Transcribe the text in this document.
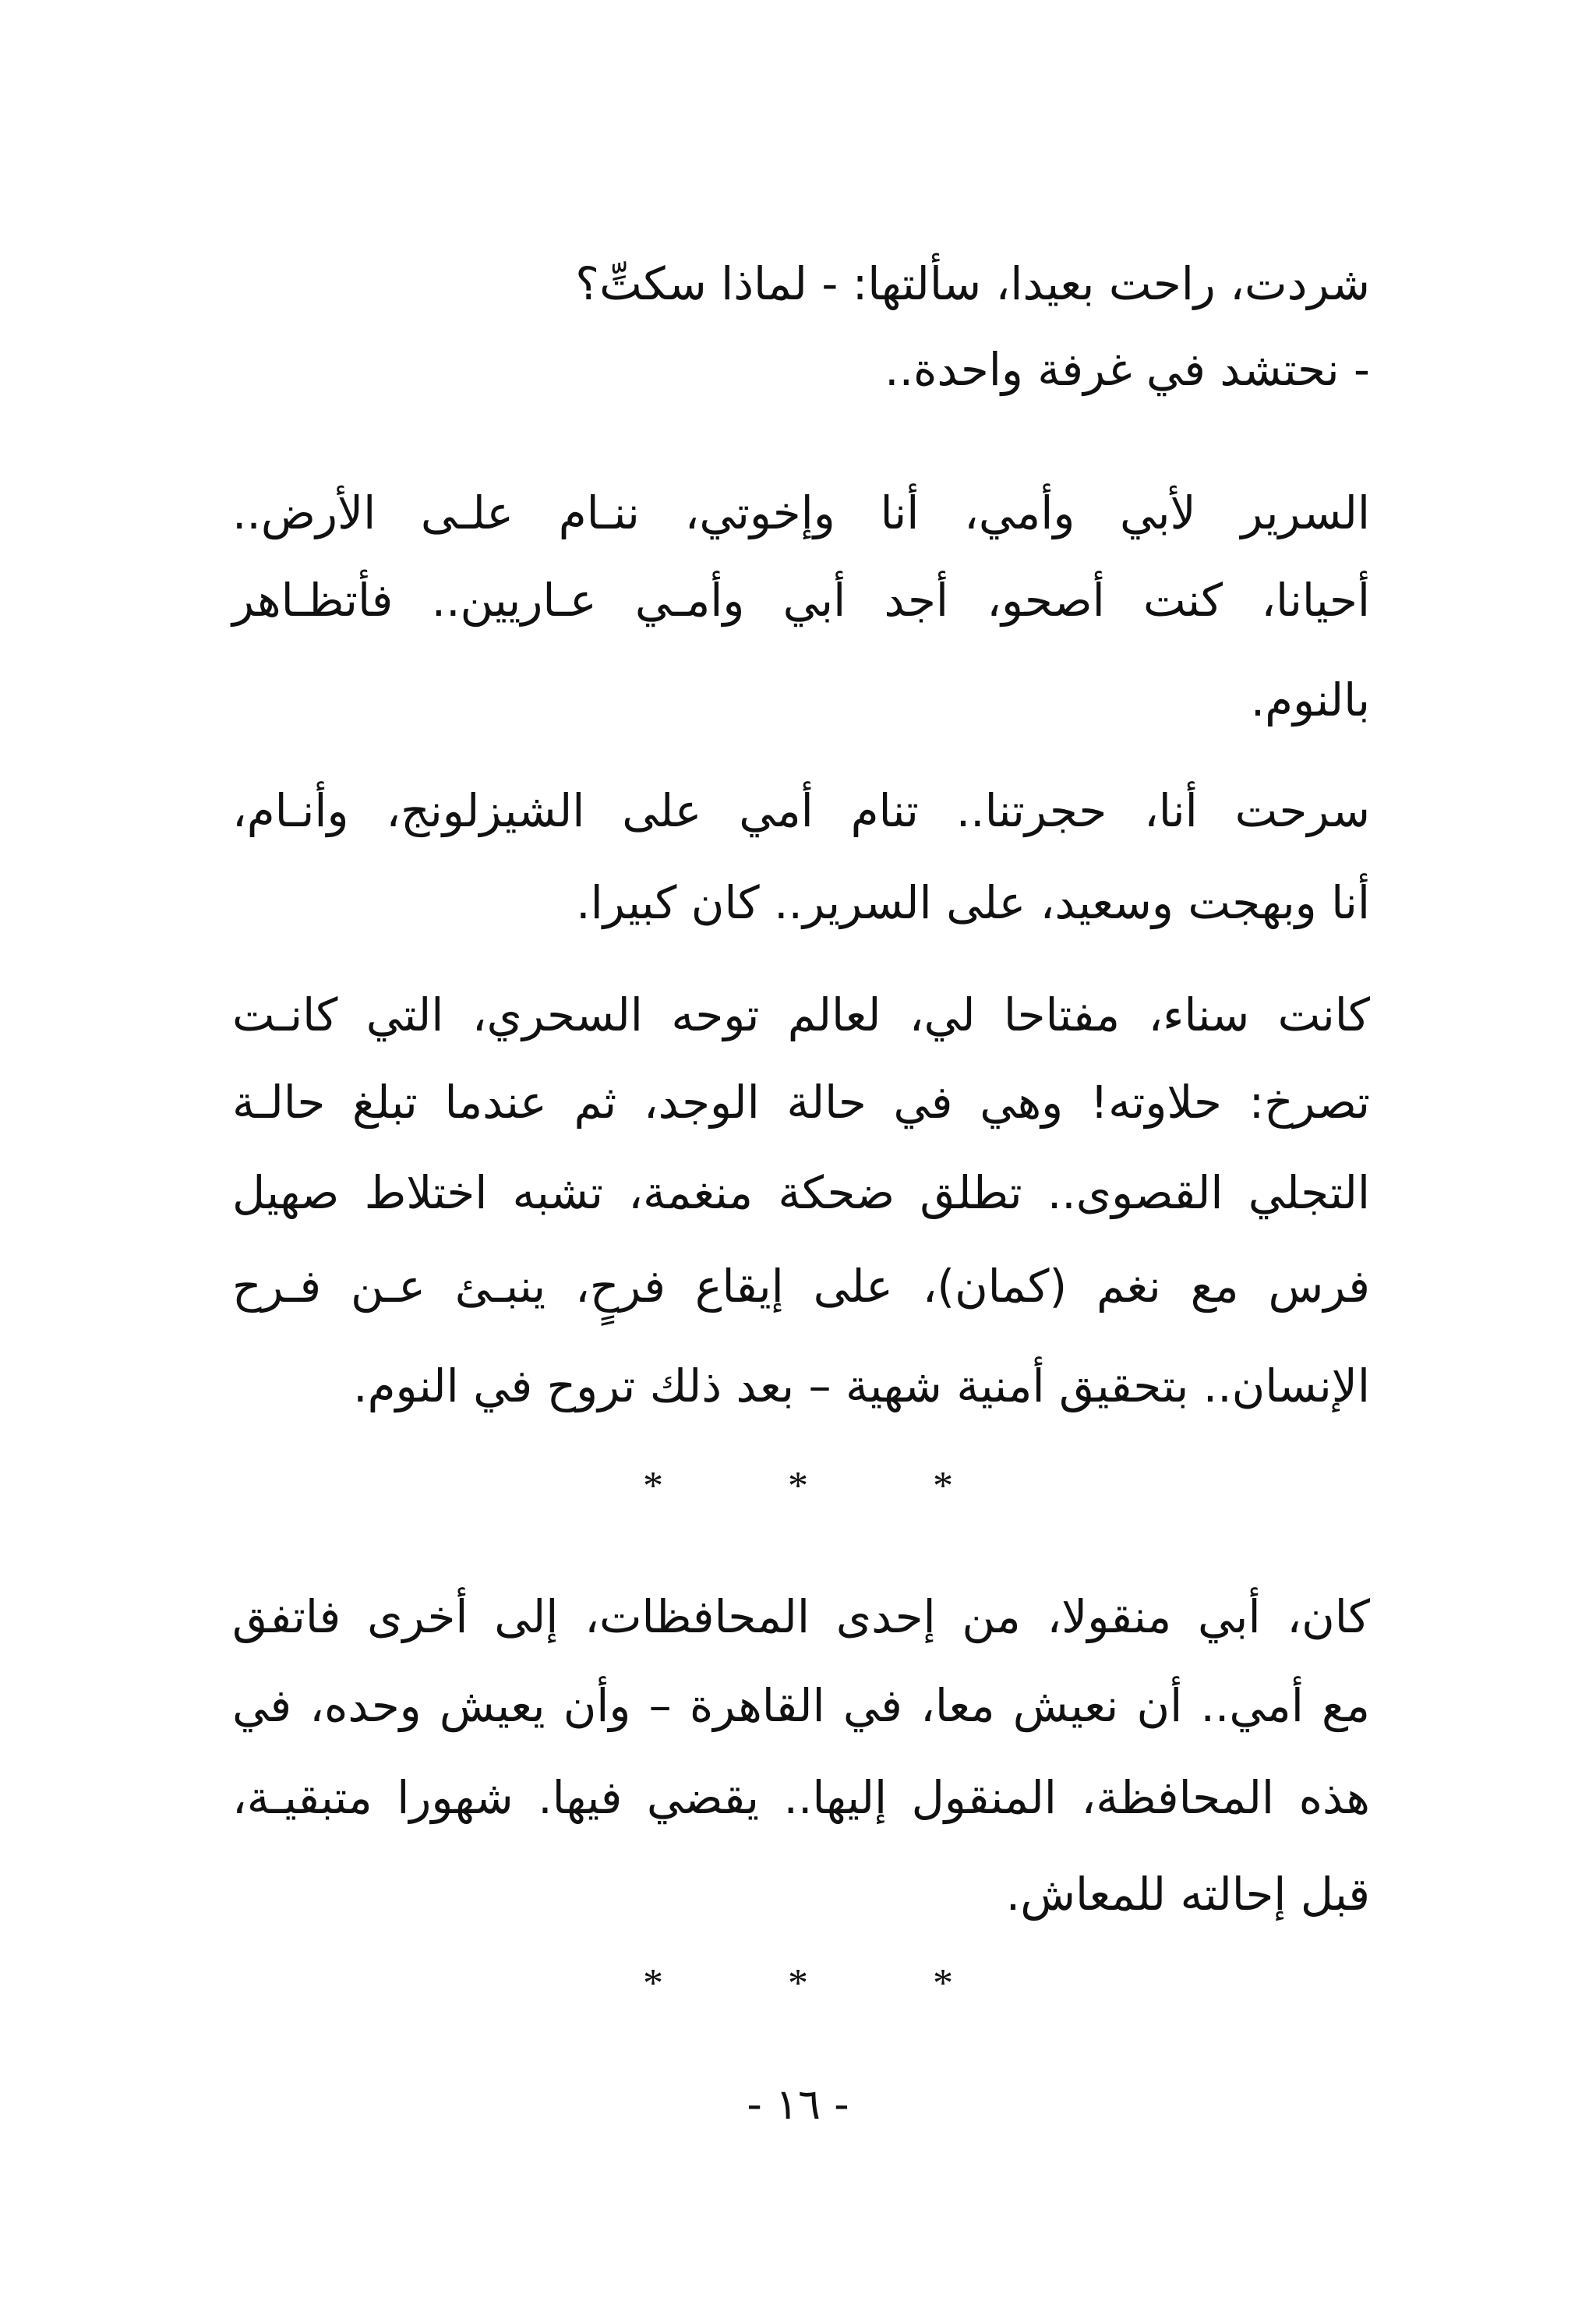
شردت، راحت بعيدا، سألتها: - لماذا سكتِّ؟
- نحتشد في غرفة واحدة..
السرير لأبي وأمي، أنا وإخوتي، ننـام علـى الأرض..
أحيانا، كنت أصحو، أجد أبي وأمـي عـاريين.. فأتظـاهر
بالنوم.
سرحت أنا، حجرتنا.. تنام أمي على الشيزلونج، وأنـام،
أنا وبهجت وسعيد، على السرير.. كان كبيرا.
كانت سناء، مفتاحا لي، لعالم توحه السحري، التي كانـت
تصرخ: حلاوته! وهي في حالة الوجد، ثم عندما تبلغ حالـة
التجلي القصوى.. تطلق ضحكة منغمة، تشبه اختلاط صهيل
فرس مع نغم (كمان)، على إيقاع فرحٍ، ينبـئ عـن فـرح
الإنسان.. بتحقيق أمنية شهية – بعد ذلك تروح في النوم.
*	*	*
كان، أبي منقولا، من إحدى المحافظات، إلى أخرى فاتفق
مع أمي.. أن نعيش معا، في القاهرة – وأن يعيش وحده، في
هذه المحافظة، المنقول إليها.. يقضي فيها. شهورا متبقيـة،
قبل إحالته للمعاش.
*	*	*
- ١٦ -
